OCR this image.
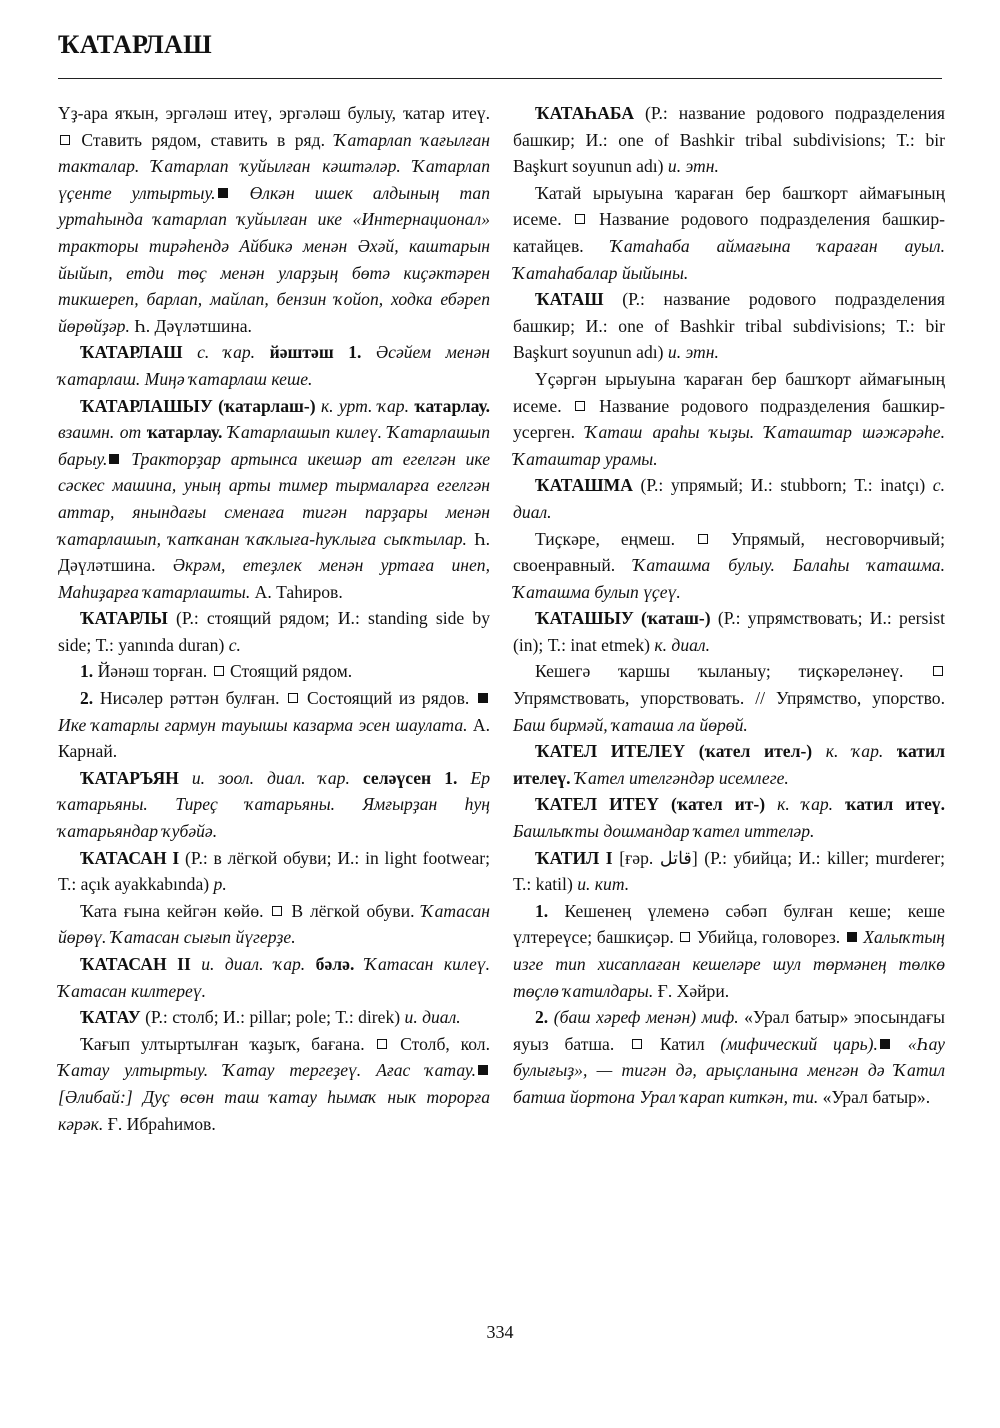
ҠАТАРЛАШ

Үҙ-ара яҡын, эргәләш итеү, эргәләш булыу, ҡатар итеү.  Ставить рядом, ставить в ряд. Ҡатарлап ҡағылған такталар. Ҡатарлап ҡуйылған кәштәләр. Ҡатарлап үҫенте ултыртыу. Өлкән ишек алдының тап уртаһында ҡатарлап ҡуйылған ике «Интернационал» тракторы тирәһендә Айбикә менән Әхәй, каштарын йыйып, етди төҫ менән уларҙың бөтә киҫәктәрен тикшереп, барлап, майлап, бензин ҡойоп, ходка ебәреп йөрөйҙәр. Һ. Дәүләтшина.

ҠАТАРЛАШ с. ҡар. йәштәш 1. Әсәйем менән ҡатарлаш. Миңә ҡатарлаш кеше.

ҠАТАРЛАШЫУ (ҡатарлаш-) к. урт. ҡар. ҡатарлау. взаимн. от ҡатарлау. Ҡатарлашып килеү. Ҡатарлашып барыу. Тракторҙар артынса икешәр ат егелгән ике сәскес машина, уның арты тимер тырмаларға егелгән аттар, янындағы сменаға тигән парҙары менән ҡатарлашып, ҡапҡанан ҡаҡлыға-һуҡлыға сыҡтылар. Һ. Дәүләтшина. Әкрәм, етеҙлек менән уртаға инеп, Маһиҙарға ҡатарлашты. А. Таһиров.

ҠАТАРЛЫ (Р.: стоящий рядом; И.: standing side by side; Т.: yanında duran) с.

1. Йәнәш торған.  Стоящий рядом.

2. Нисәлер рәттән булған.  Состоящий из рядов.  Ике ҡатарлы гармун тауышы казарма эсен шаулата. А. Карнай.

ҠАТАРЪЯН и. зоол. диал. ҡар. селәүсен 1. Ер ҡатарьяны. Тиреҫ ҡатарьяны. Ямғырҙан һуң ҡатарьяндар ҡубәйә.

ҠАТАСАН I (Р.: в лёгкой обуви; И.: in light footwear; Т.: açık ayakkabında) р.

Ҡата ғына кейгән көйө.  В лёгкой обуви. Ҡатасан йөрөү. Ҡатасан сығып йүгерҙе.

ҠАТАСАН II и. диал. ҡар. бәлә. Ҡатасан килеү. Ҡатасан килтереү.

ҠАТАУ (Р.: столб; И.: pillar; pole; Т.: direk) и. диал.

Ҡағып ултыртылған ҡаҙыҡ, бағана.  Столб, кол. Ҡатау ултыртыу. Ҡатау тергеҙеү. Ағас ҡатау. [Әлибай:] Дуҫ өсөн таш ҡатау һымаҡ нык торорға кәрәк. Ғ. Ибраһимов.

ҠАТАҺАБА (Р.: название родового подразделения башкир; И.: one of Bashkir tribal subdivisions; Т.: bir Başkurt soyunun adı) и. этн.

Ҡатай ырыуына ҡараған бер башҡорт аймағының исеме.  Название родового подразделения башкир-катайцев. Ҡатаһаба аймағына ҡараған ауыл. Ҡатаһабалар йыйыны.

ҠАТАШ (Р.: название родового подразделения башкир; И.: one of Bashkir tribal subdivisions; Т.: bir Başkurt soyunun adı) и. этн.

Үҫәргән ырыуына ҡараған бер башҡорт аймағының исеме.  Название родового подразделения башкир-усерген. Ҡаташ араһы ҡыҙы. Ҡаташтар шәжәрәһе. Ҡаташтар урамы.

ҠАТАШМА (Р.: упрямый; И.: stubborn; Т.: inatçı) с. диал.

Тиҫкәре, еңмеш.  Упрямый, несговорчивый; своенравный. Ҡаташма булыу. Балаһы ҡаташма. Ҡаташма булып үҫеү.

ҠАТАШЫУ (ҡаташ-) (Р.: упрямствовать; И.: persist (in); Т.: inat etmek) к. диал.

Кешегә ҡаршы ҡыланыу; тиҫкәреләнеү.  Упрямствовать, упорствовать. // Упрямство, упорство. Баш бирмәй, ҡаташа ла йөрөй.

ҠАТЕЛ ИТЕЛЕҮ (ҡател ител-) к. ҡар. ҡатил ителеү. Ҡател ителгәндәр исемлеге.

ҠАТЕЛ ИТЕҮ (ҡател ит-) к. ҡар. ҡатил итеү. Башлыҡты дошмандар ҡател иттеләр.

ҠАТИЛ I [ғәр. قاتل] (Р.: убийца; И.: killer; murderer; Т.: katil) и. кит.

1. Кешенең үлеменә сәбәп булған кеше; кеше үлтереүсе; башкиҫәр.  Убийца, головорез.  Халыҡтың изге тип хисаплаған кешеләре шул төрмәнең төлкө төҫлө ҡатилдары. Ғ. Хәйри.

2. (баш хәреф менән) миф. «Урал батыр» эпосындағы яуыз батша.  Катил (мифический царь). «Һау булығыҙ», — тигән дә, арыҫланына менгән дә Ҡатил батша йортона Урал ҡарап киткән, ти. «Урал батыр».

334
